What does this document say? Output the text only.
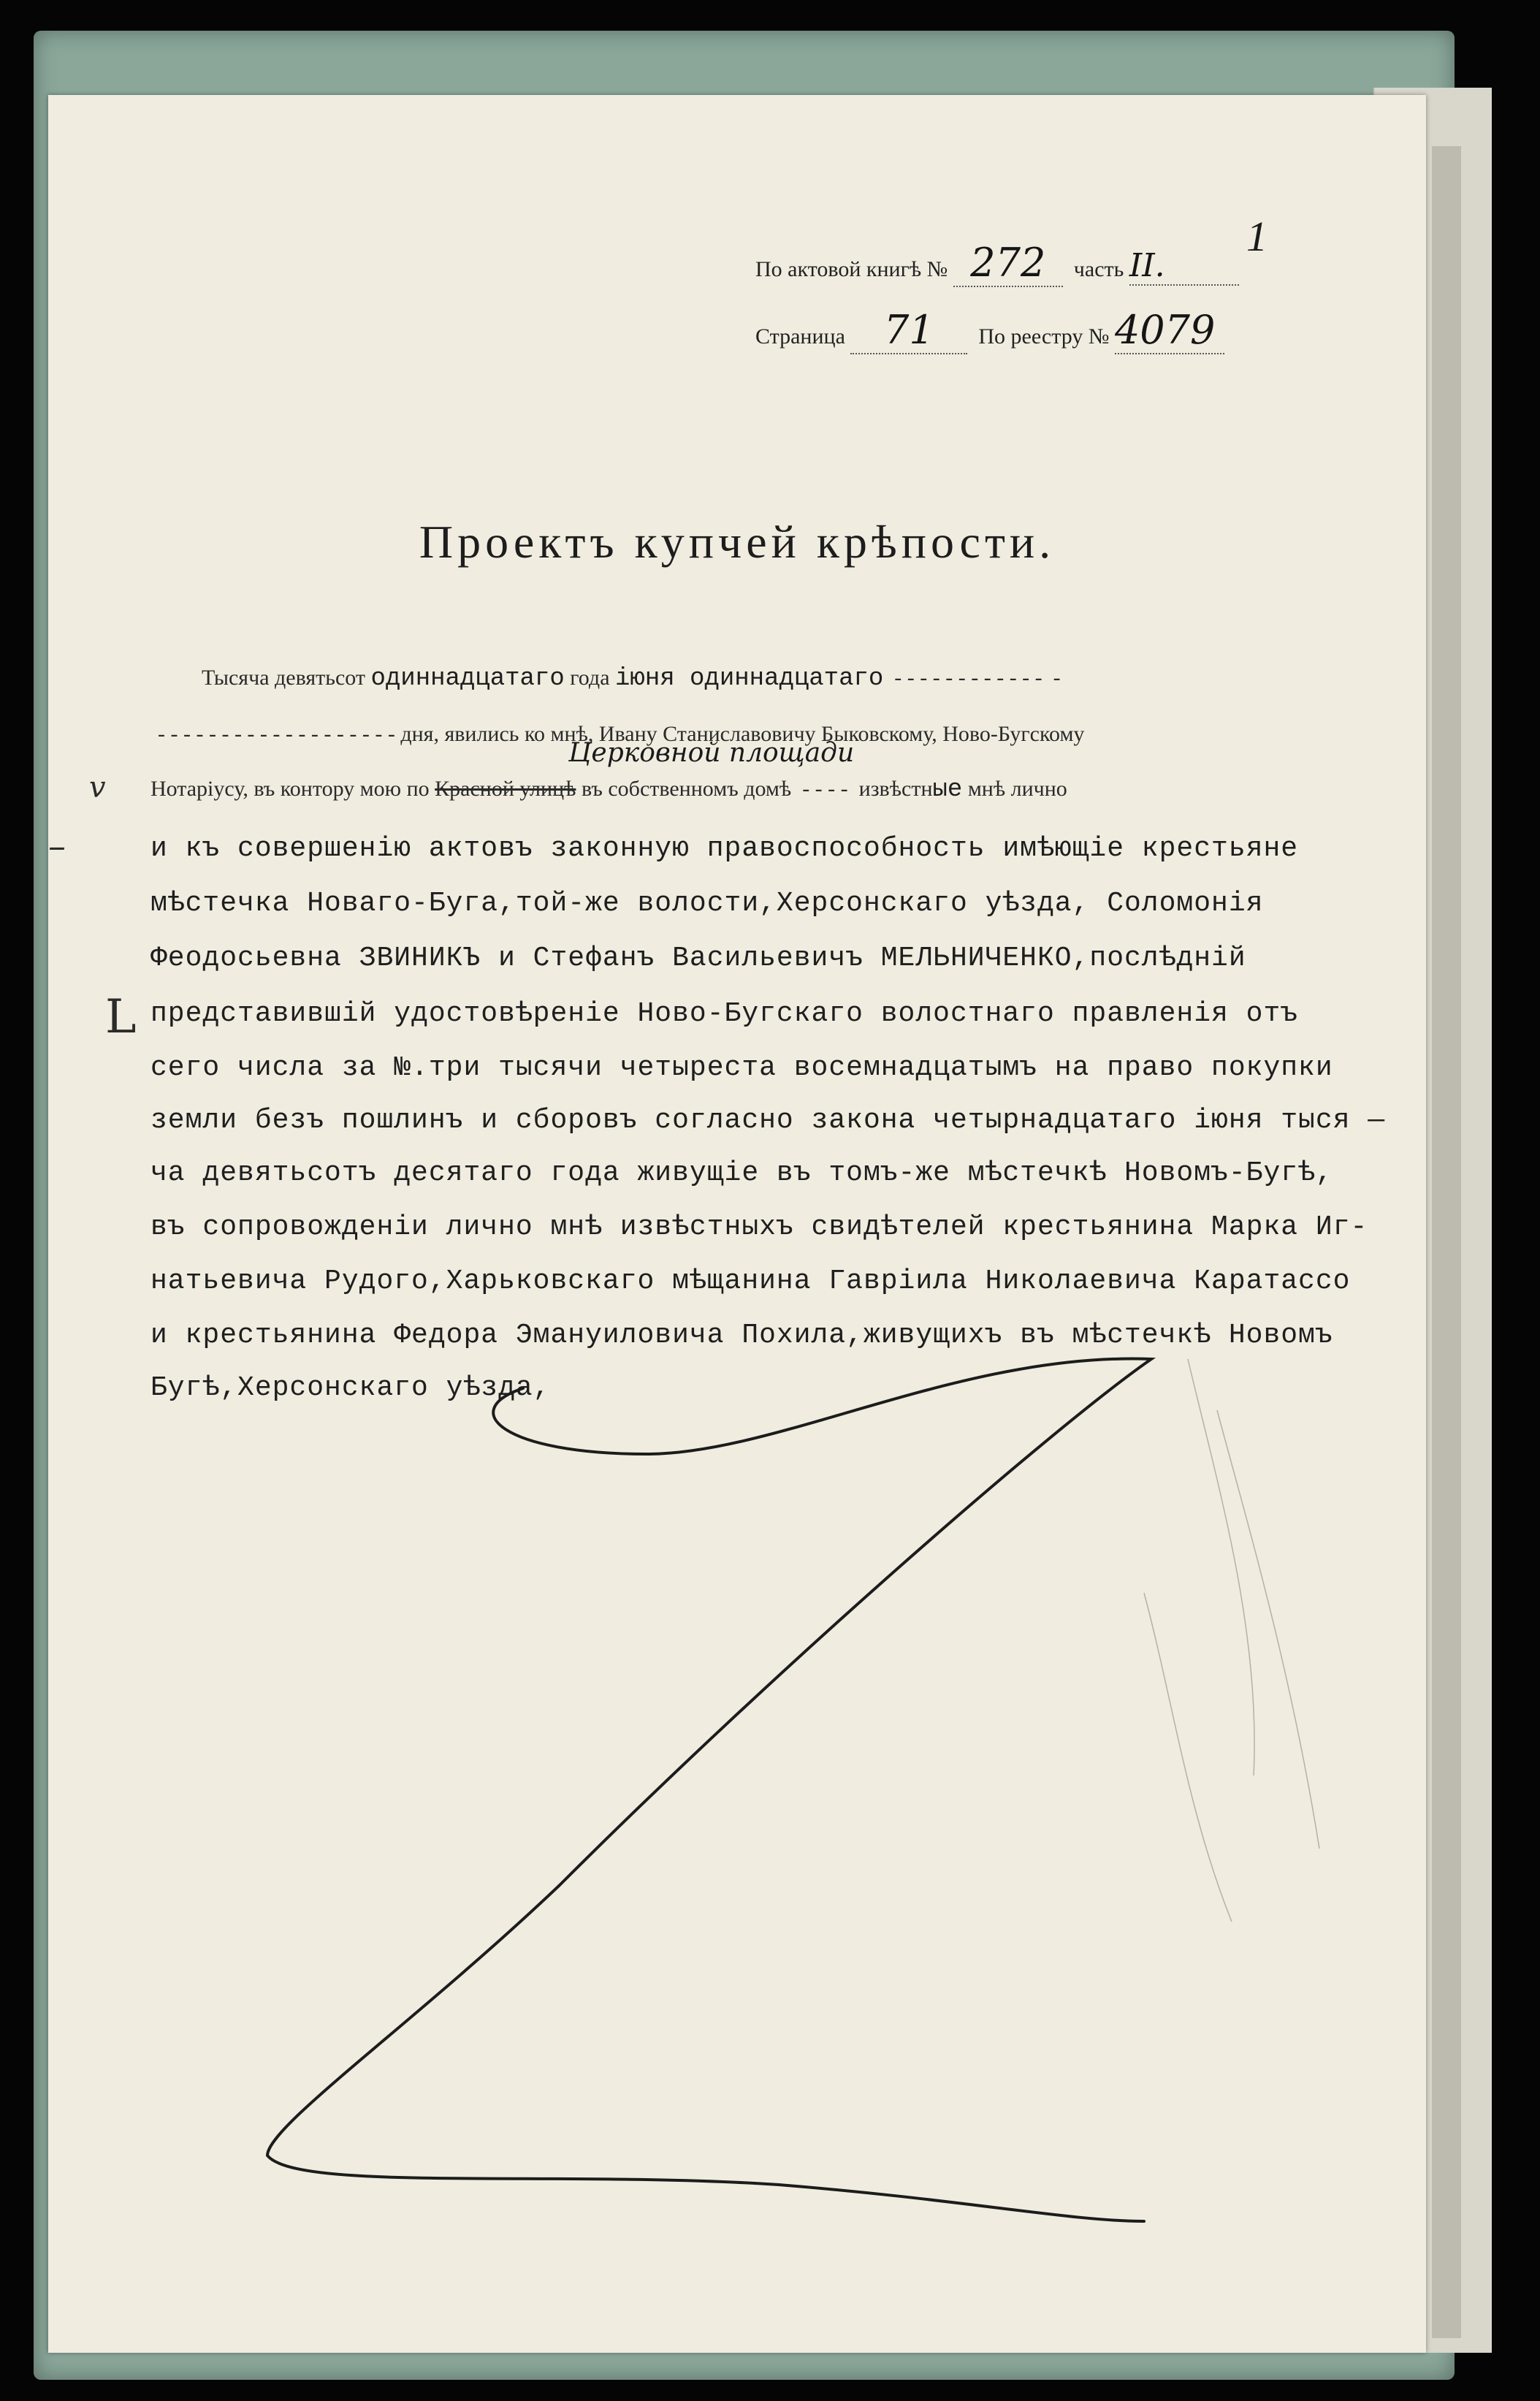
1
По актовой книгѣ № 272 часть II.
Страница 71 По реестру № 4079
Проектъ купчей крѣпости.
Тысяча девятьсот одиннадцатаго года іюня одиннадцатаго  - - - - - - - - - - - -  -
- - - - - - - - - - - - - - - - - - - дня, явились ко мнѣ, Ивану Станиславовичу Быковскому, Ново-Бугскому
Церковной площади
Нотаріусу, въ контору мою по Красной улицѣ въ собственномъ домѣ  - - - -  извѣстные мнѣ лично
и къ совершенію актовъ законную правоспособность имѣющіе крестьяне
мѣстечка Новаго-Буга,той-же волости,Херсонскаго уѣзда, Соломонія
Феодосьевна ЗВИНИКЪ и Стефанъ Васильевичъ МЕЛЬНИЧЕНКО,послѣдній
представившій удостовѣреніе Ново-Бугскаго волостнаго правленія отъ
сего числа за №.три тысячи четыреста восемнадцатымъ на право покупки
земли безъ пошлинъ и сборовъ согласно закона четырнадцатаго іюня тыся —
ча девятьсотъ десятаго года живущіе въ томъ-же мѣстечкѣ Новомъ-Бугѣ,
въ сопровожденіи лично мнѣ извѣстныхъ свидѣтелей крестьянина Марка Иг-
натьевича Рудого,Харьковскаго мѣщанина Гавріила Николаевича Каратассо
и крестьянина Федора Эмануиловича Похила,живущихъ въ мѣстечкѣ Новомъ
Бугѣ,Херсонскаго уѣзда,
v
–
L
